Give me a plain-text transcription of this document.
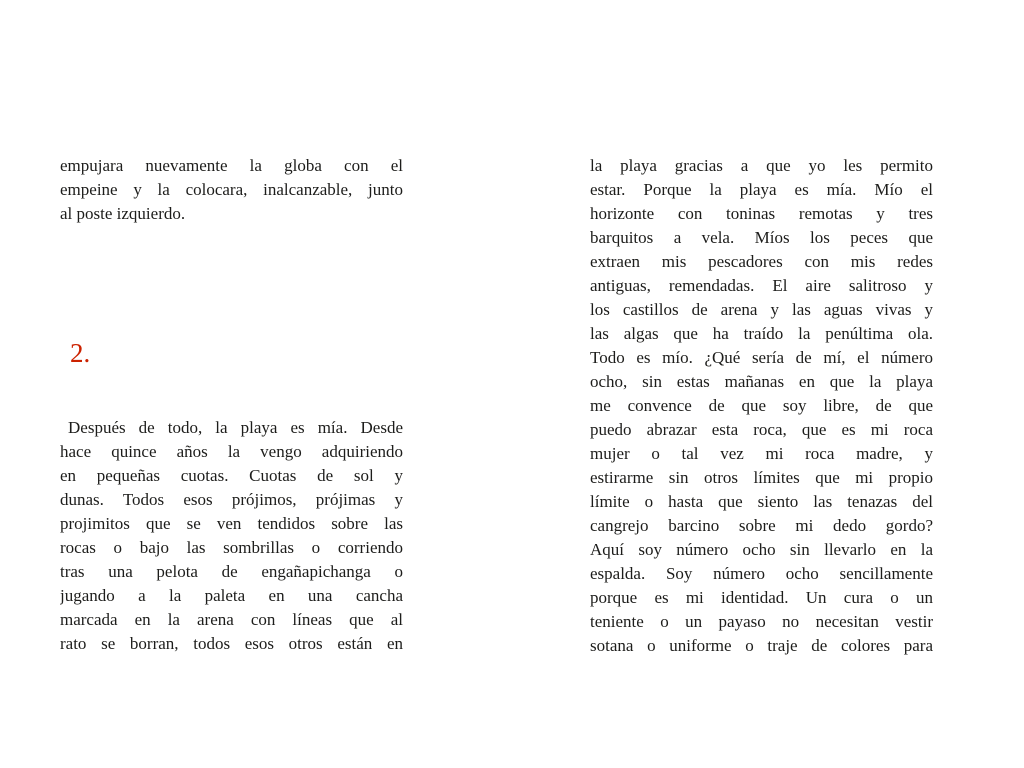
empujara nuevamente la globa con el
empeine y la colocara, inalcanzable, junto
al poste izquierdo.
2.
Después de todo, la playa es mía. Desde
hace quince años la vengo adquiriendo
en pequeñas cuotas. Cuotas de sol y
dunas. Todos esos prójimos, prójimas y
projimitos que se ven tendidos sobre las
rocas o bajo las sombrillas o corriendo
tras una pelota de engañapichanga o
jugando a la paleta en una cancha
marcada en la arena con líneas que al
rato se borran, todos esos otros están en
la playa gracias a que yo les permito
estar. Porque la playa es mía. Mío el
horizonte con toninas remotas y tres
barquitos a vela. Míos los peces que
extraen mis pescadores con mis redes
antiguas, remendadas. El aire salitroso y
los castillos de arena y las aguas vivas y
las algas que ha traído la penúltima ola.
Todo es mío. ¿Qué sería de mí, el número
ocho, sin estas mañanas en que la playa
me convence de que soy libre, de que
puedo abrazar esta roca, que es mi roca
mujer o tal vez mi roca madre, y
estirarme sin otros límites que mi propio
límite o hasta que siento las tenazas del
cangrejo barcino sobre mi dedo gordo?
Aquí soy número ocho sin llevarlo en la
espalda. Soy número ocho sencillamente
porque es mi identidad. Un cura o un
teniente o un payaso no necesitan vestir
sotana o uniforme o traje de colores para
